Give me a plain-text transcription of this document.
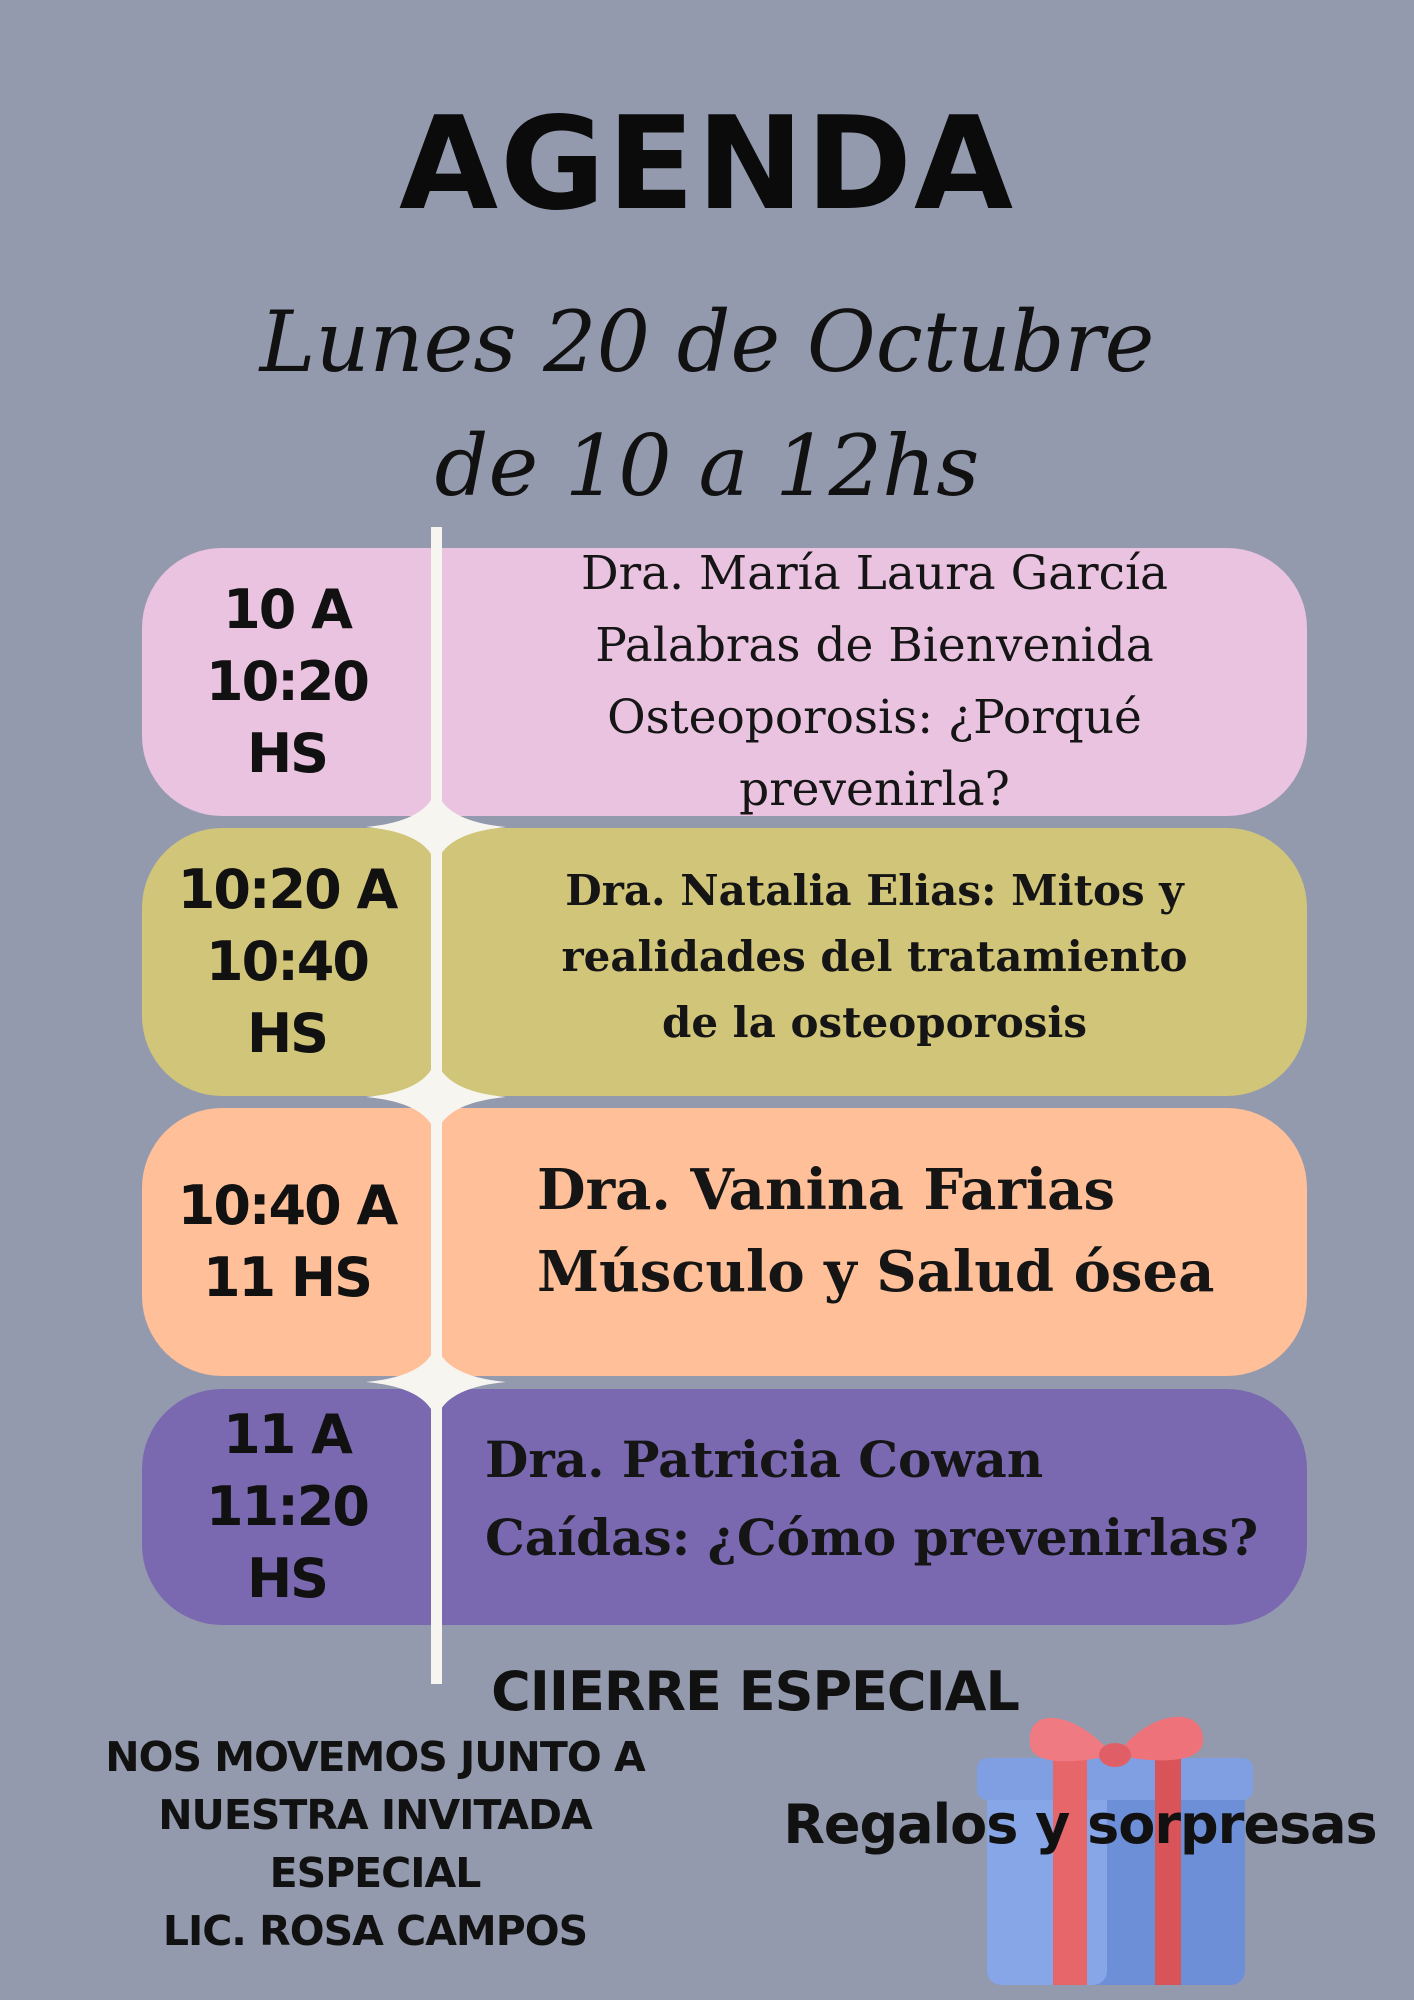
AGENDA
Lunes 20 de Octubre
de 10 a 12hs
10 A
10:20
HS
Dra. María Laura García
Palabras de Bienvenida
Osteoporosis: ¿Porqué
prevenirla?
10:20 A
10:40
HS
Dra. Natalia Elias: Mitos y
realidades del tratamiento
de la osteoporosis
10:40 A
11 HS
Dra. Vanina Farias
Músculo y Salud ósea
11 A 11:20
HS
Dra. Patricia Cowan
Caídas: ¿Cómo prevenirlas?
CIIERRE ESPECIAL
NOS MOVEMOS JUNTO A
NUESTRA INVITADA
ESPECIAL
LIC. ROSA CAMPOS
Regalos y sorpresas
